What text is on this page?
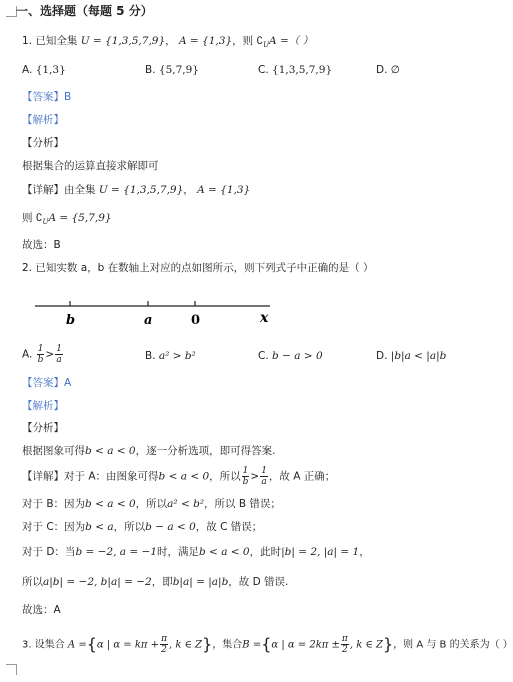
一、选择题（每题 5 分）
1. 已知全集 U = {1,3,5,7,9}， A = {1,3}，则 $∁_UA$ =（ ）
A. {1,3}	B. {5,7,9}	C. {1,3,5,7,9}	D. ∅
【答案】B
【解析】
【分析】
根据集合的运算直接求解即可
【详解】由全集 U = {1,3,5,7,9}， A = {1,3}
则 $∁_UA = \{5,7,9\}$
故选：B
2. 已知实数 a，b 在数轴上对应的点如图所示，则下列式子中正确的是（ ）
b	a	0	x
A. $\frac{1}{b} > \frac{1}{a}$	B. a² > b²	C. b − a > 0	D. |b|a < |a|b
【答案】A
【解析】
【分析】
根据图象可得b < a < 0，逐一分析选项，即可得答案.
【详解】对于 A：由图象可得b < a < 0，所以 $\frac{1}{b} > \frac{1}{a}$ ，故 A 正确；
对于 B：因为b < a < 0，所以a² < b²，所以 B 错误；
对于 C：因为b < a，所以b − a < 0，故 C 错误；
对于 D：当b = −2, a = −1时，满足b < a < 0，此时|b| = 2, |a| = 1，
所以a|b| = −2, b|a| = −2，即b|a| = |a|b，故 D 错误.
故选：A
3. 设集合 A ={α | $\alpha = k\pi + \frac{\pi}{2}$ , k ∈ Z}，集合B ={α | $\alpha = 2k\pi \pm \frac{\pi}{2}$ , k ∈ Z}，则 A 与 B 的关系为（ ）
